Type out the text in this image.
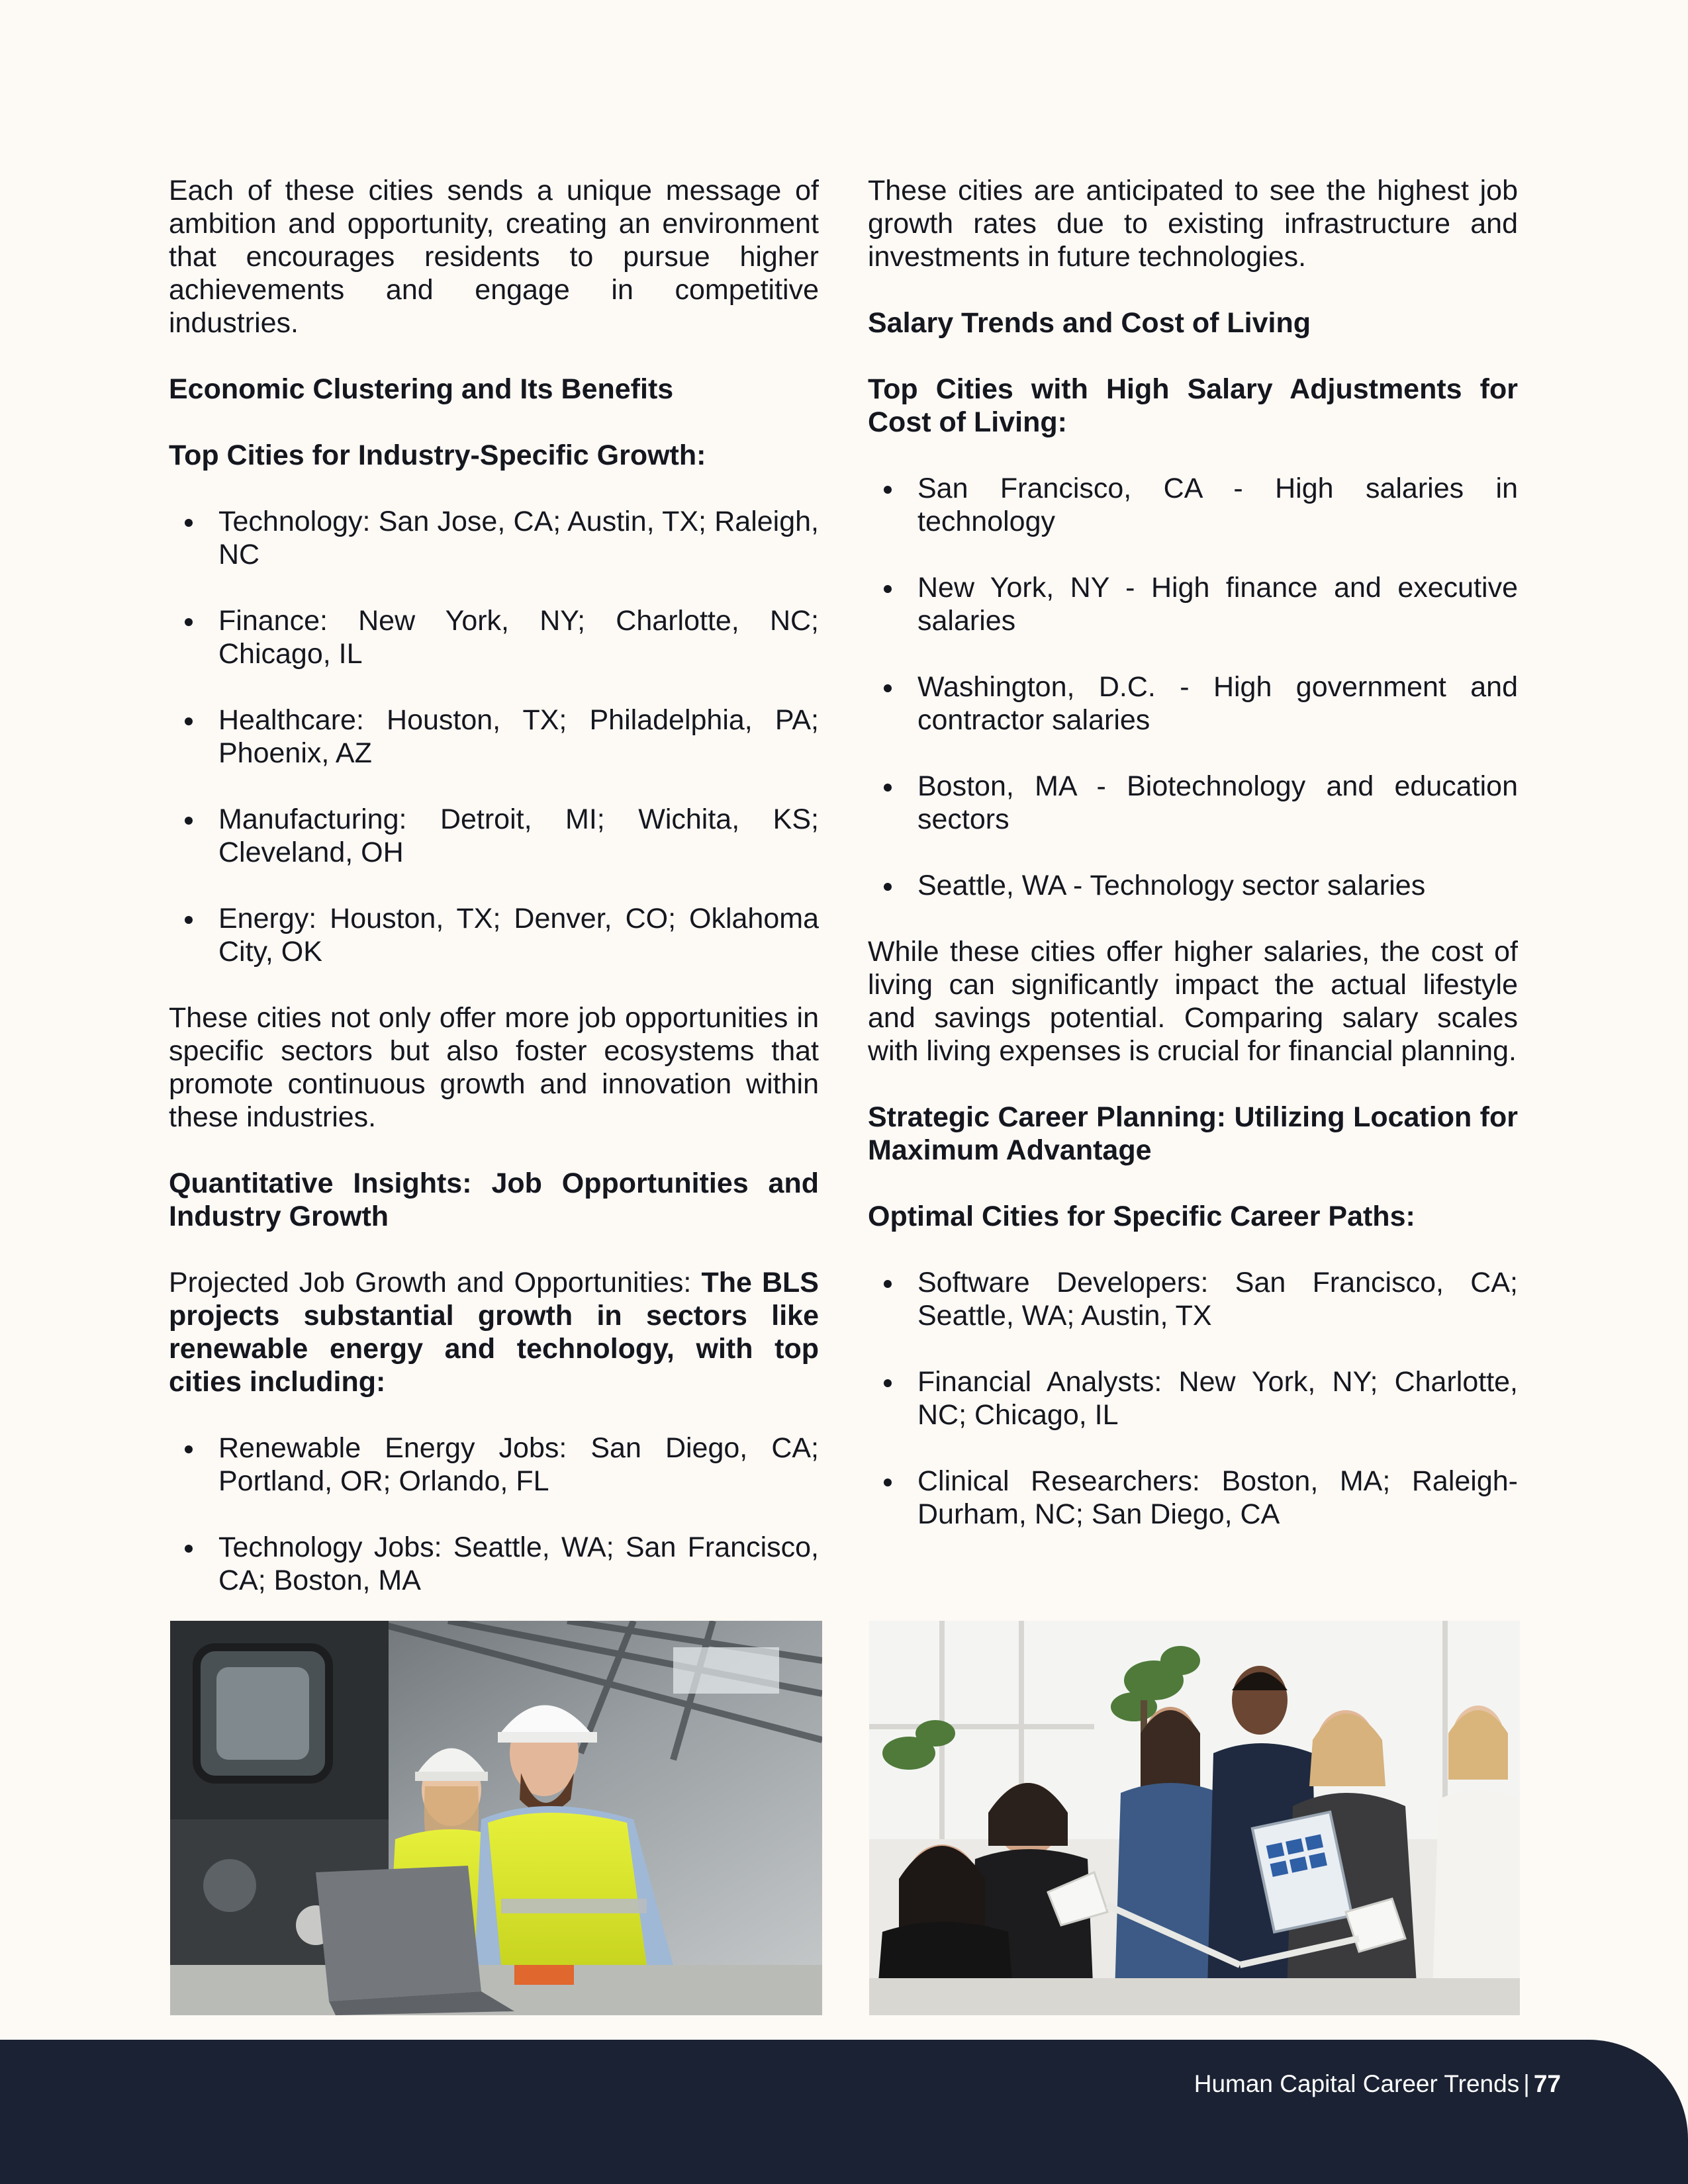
Each of these cities sends a unique message of ambition and opportunity, creating an environment that encourages residents to pursue higher achievements and engage in competitive industries.

Economic Clustering and Its Benefits
Top Cities for Industry-Specific Growth:
Technology: San Jose, CA; Austin, TX; Raleigh, NC
Finance: New York, NY; Charlotte, NC; Chicago, IL
Healthcare: Houston, TX; Philadelphia, PA; Phoenix, AZ
Manufacturing: Detroit, MI; Wichita, KS; Cleveland, OH
Energy: Houston, TX; Denver, CO; Oklahoma City, OK

These cities not only offer more job opportunities in specific sectors but also foster ecosystems that promote continuous growth and innovation within these industries.

Quantitative Insights: Job Opportunities and Industry Growth

Projected Job Growth and Opportunities: The BLS projects substantial growth in sectors like renewable energy and technology, with top cities including:

Renewable Energy Jobs: San Diego, CA; Portland, OR; Orlando, FL
Technology Jobs: Seattle, WA; San Francisco, CA; Boston, MA

These cities are anticipated to see the highest job growth rates due to existing infrastructure and investments in future technologies.

Salary Trends and Cost of Living
Top Cities with High Salary Adjustments for Cost of Living:
San Francisco, CA - High salaries in technology
New York, NY - High finance and executive salaries
Washington, D.C. - High government and contractor salaries
Boston, MA - Biotechnology and education sectors
Seattle, WA - Technology sector salaries

While these cities offer higher salaries, the cost of living can significantly impact the actual lifestyle and savings potential. Comparing salary scales with living expenses is crucial for financial planning.

Strategic Career Planning: Utilizing Location for Maximum Advantage
Optimal Cities for Specific Career Paths:
Software Developers: San Francisco, CA; Seattle, WA; Austin, TX
Financial Analysts: New York, NY; Charlotte, NC; Chicago, IL
Clinical Researchers: Boston, MA; Raleigh-Durham, NC; San Diego, CA
Human Capital Career Trends | 77
